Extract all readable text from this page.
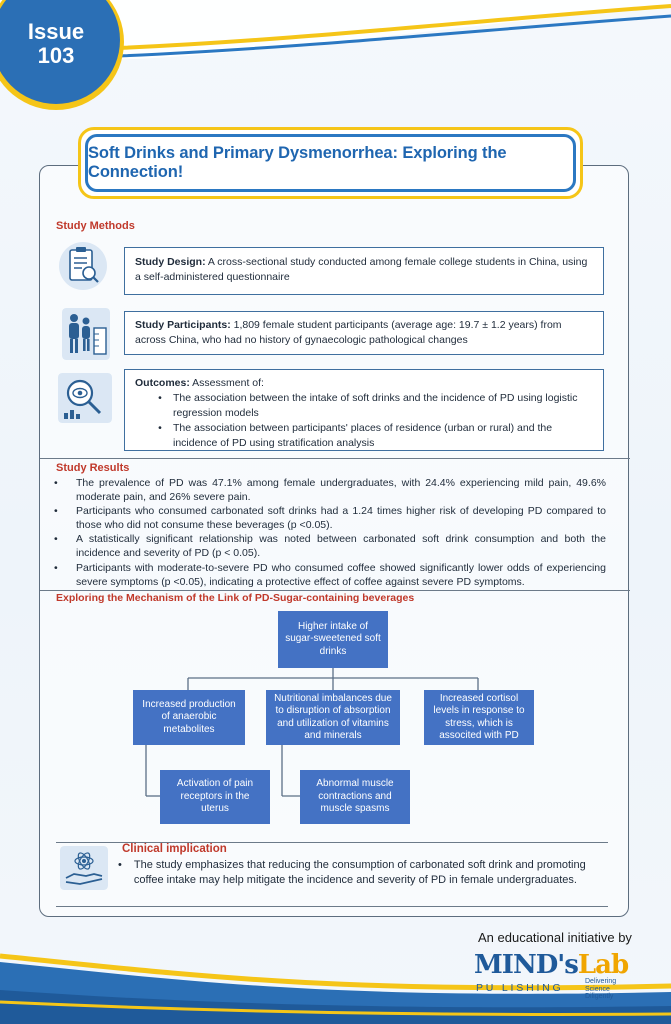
Issue
103
Soft Drinks and Primary Dysmenorrhea: Exploring the Connection!
Study Methods
Study Design: A cross-sectional study conducted among female college students in China, using a self-administered questionnaire
Study Participants: 1,809 female student participants (average age: 19.7 ± 1.2 years) from across China, who had no history of gynaecologic pathological changes
Outcomes: Assessment of:
•	The association between the intake of soft drinks and the incidence of PD using logistic regression models
•	The association between participants' places of residence (urban or rural) and the incidence of PD using stratification analysis
Study Results
•	The prevalence of PD was 47.1% among female undergraduates, with 24.4% experiencing mild pain, 49.6% moderate pain, and 26% severe pain.
•	Participants who consumed carbonated soft drinks had a 1.24 times higher risk of developing PD compared to those who did not consume these beverages (p <0.05).
•	A statistically significant relationship was noted between carbonated soft drink consumption and both the incidence and severity of PD (p < 0.05).
•	Participants with moderate-to-severe PD who consumed coffee showed significantly lower odds of experiencing severe symptoms (p <0.05), indicating a protective effect of coffee against severe PD symptoms.
Exploring the Mechanism of the Link of PD-Sugar-containing beverages
Higher intake of sugar-sweetened soft drinks
Increased production of anaerobic metabolites
Nutritional imbalances due to disruption of absorption and utilization of vitamins and minerals
Increased cortisol levels in response to stress, which is associted with PD
Activation of pain receptors in the uterus
Abnormal muscle contractions and muscle spasms
Clinical implication
• The study emphasizes that reducing the consumption of carbonated soft drink and promoting coffee intake may help mitigate the incidence and severity of PD in female undergraduates.
An educational initiative by
MIND'sLab
PU LISHING
Delivering
Science
Diligently
